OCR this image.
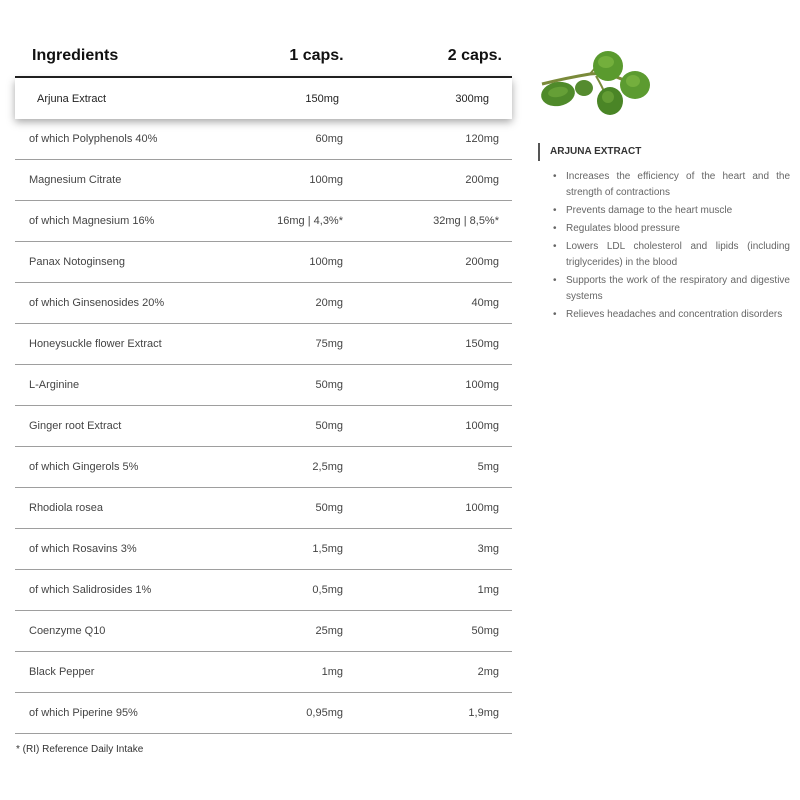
Ingredients	1 caps.	2 caps.
Arjuna Extract	150mg	300mg
of which Polyphenols 40%	60mg	120mg
Magnesium Citrate	100mg	200mg
of which Magnesium 16%	16mg | 4,3%*	32mg | 8,5%*
Panax Notoginseng	100mg	200mg
of which Ginsenosides 20%	20mg	40mg
Honeysuckle flower Extract	75mg	150mg
L-Arginine	50mg	100mg
Ginger root Extract	50mg	100mg
of which Gingerols 5%	2,5mg	5mg
Rhodiola rosea	50mg	100mg
of which Rosavins 3%	1,5mg	3mg
of which Salidrosides 1%	0,5mg	1mg
Coenzyme Q10	25mg	50mg
Black Pepper	1mg	2mg
of which Piperine 95%	0,95mg	1,9mg
* (RI) Reference Daily Intake
ARJUNA EXTRACT
• Increases the efficiency of the heart and the strength of contractions
• Prevents damage to the heart muscle
• Regulates blood pressure
• Lowers LDL cholesterol and lipids (including triglycerides) in the blood
• Supports the work of the respiratory and digestive systems
• Relieves headaches and concentration disorders
